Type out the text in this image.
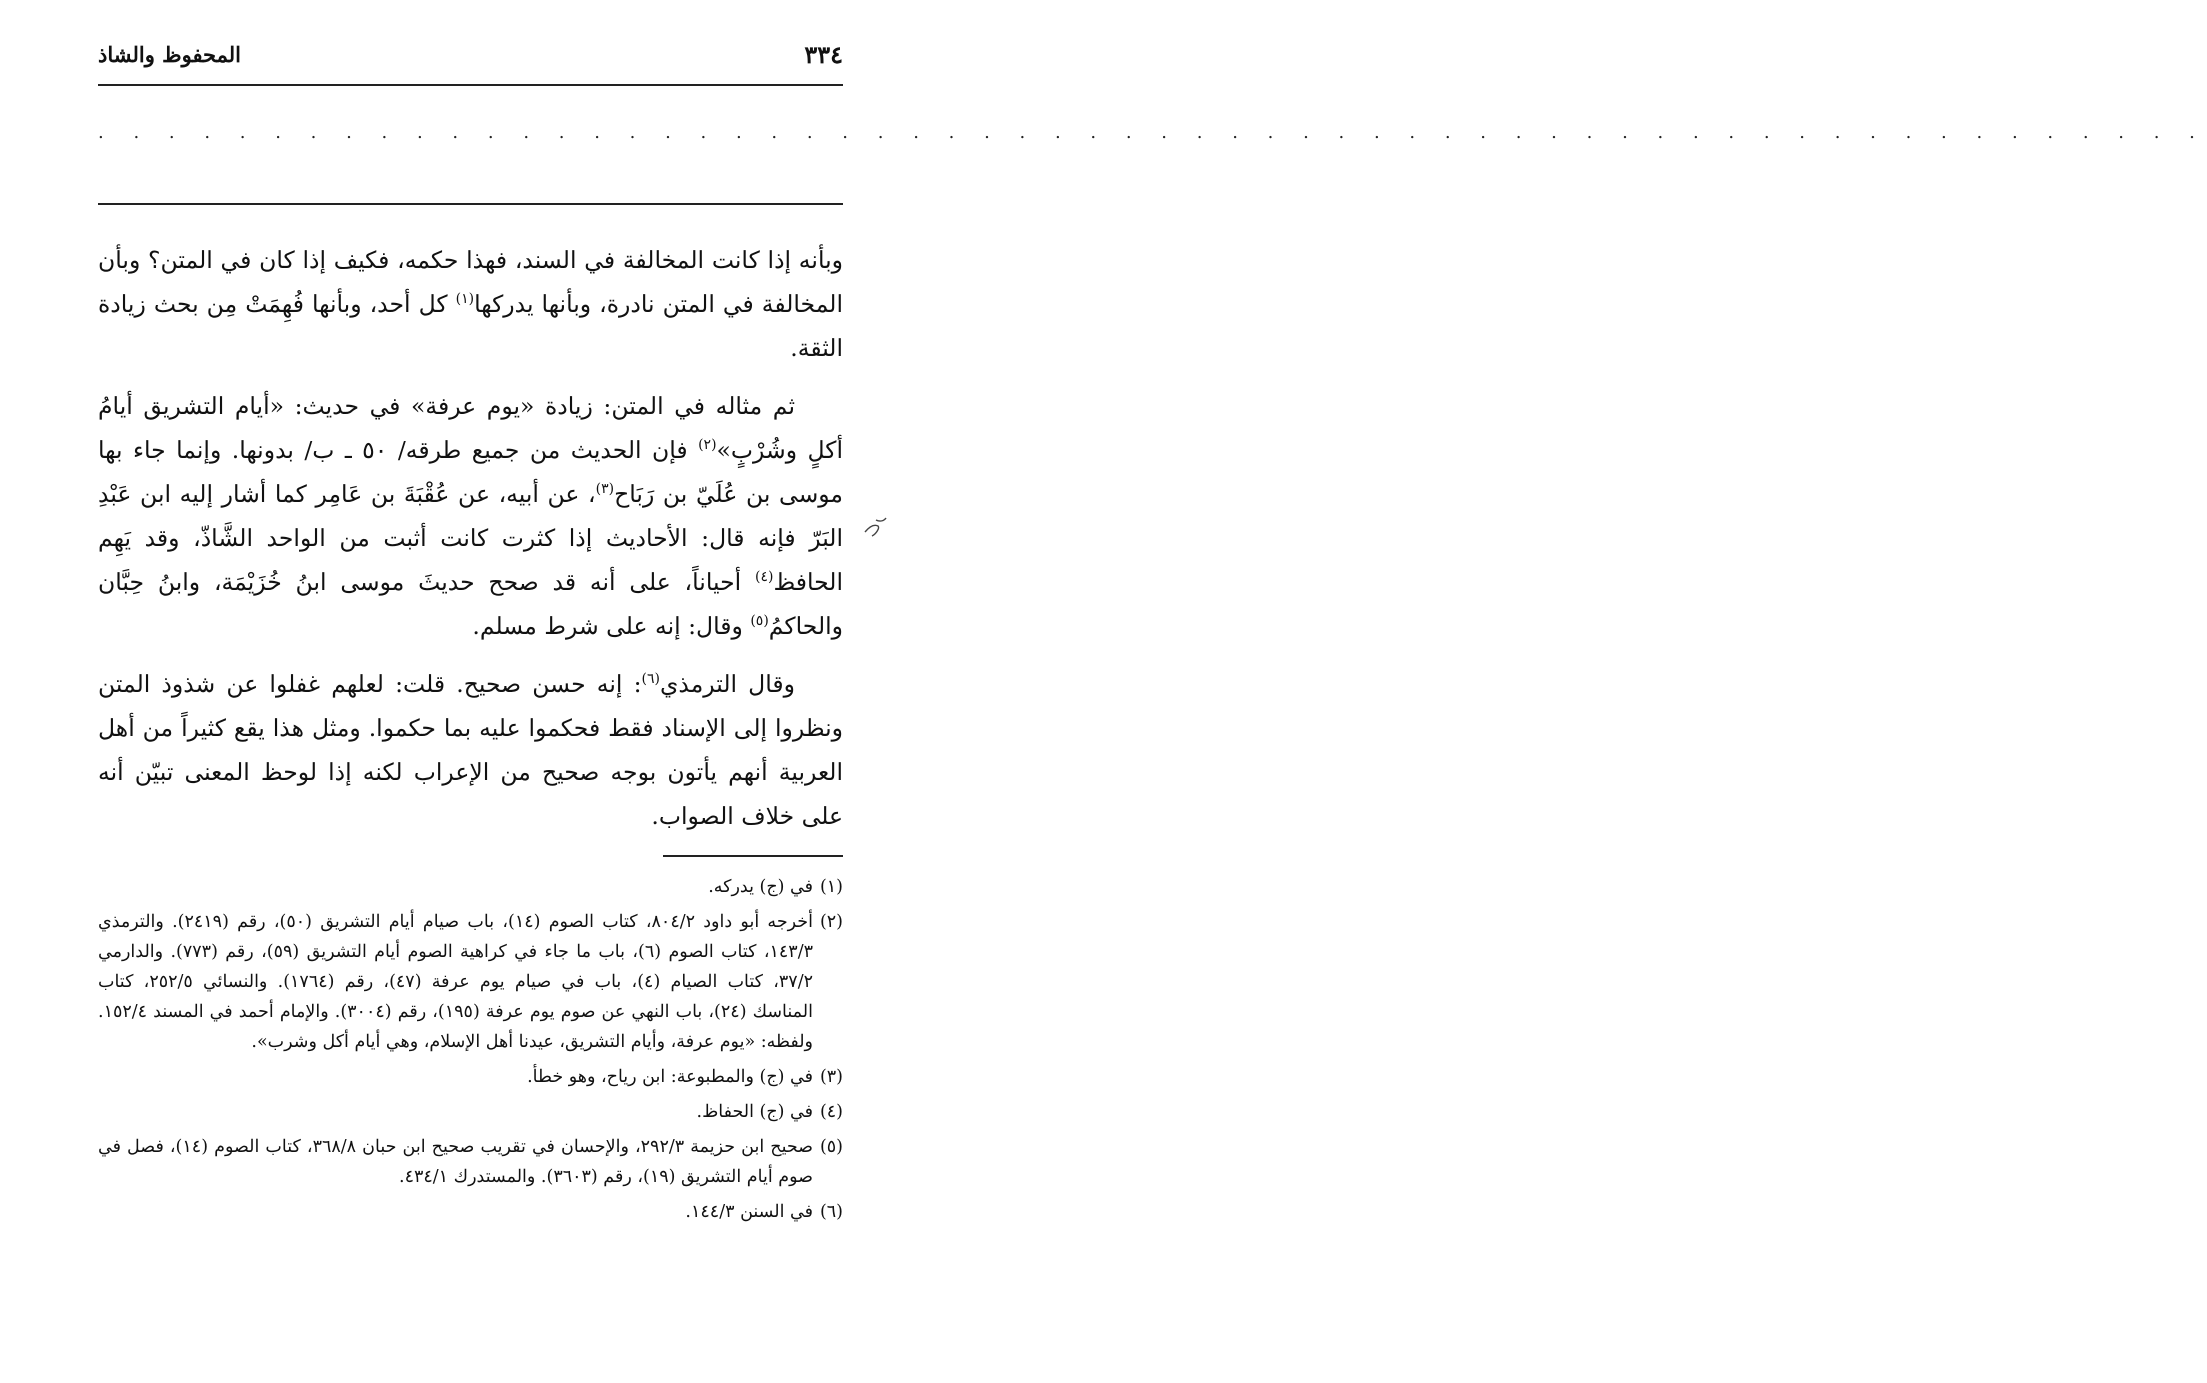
٣٣٤
المحفوظ والشاذ
. . . . . . . . . . . . . . . . . . . . . . . . . . . . . . . . . . . . . . . . . . . . . . . . . . . . . . . . . . . .

وبأنه إذا كانت المخالفة في السند، فهذا حكمه، فكيف إذا كان في المتن؟ وبأن المخالفة في المتن نادرة، وبأنها يدركها$^{(١)}$ كل أحد، وبأنها فُهِمَتْ مِن بحث زيادة الثقة.

ثم مثاله في المتن: زيادة «يوم عرفة» في حديث: «أيام التشريق أيامُ أكلٍ وشُرْبٍ»$^{(٢)}$ فإن الحديث من جميع طرقه/ ٥٠ ـ ب/ بدونها. وإنما جاء بها موسى بن عُلَيّ بن رَبَاح$^{(٣)}$، عن أبيه، عن عُقْبَةَ بن عَامِر كما أشار إليه ابن عَبْدِ البَرّ فإنه قال: الأحاديث إذا كثرت كانت أثبت من الواحد الشَّاذّ، وقد يَهِم الحافظ$^{(٤)}$ أحياناً، على أنه قد صحح حديثَ موسى ابنُ خُزَيْمَة، وابنُ حِبَّان والحاكمُ$^{(٥)}$ وقال: إنه على شرط مسلم.

وقال الترمذي$^{(٦)}$: إنه حسن صحيح. قلت: لعلهم غفلوا عن شذوذ المتن ونظروا إلى الإسناد فقط فحكموا عليه بما حكموا. ومثل هذا يقع كثيراً من أهل العربية أنهم يأتون بوجه صحيح من الإعراب لكنه إذا لوحظ المعنى تبيّن أنه على خلاف الصواب.

(١)
في (ج) يدركه.
(٢)
أخرجه أبو داود ٨٠٤/٢، كتاب الصوم (١٤)، باب صيام أيام التشريق (٥٠)، رقم (٢٤١٩). والترمذي ١٤٣/٣، كتاب الصوم (٦)، باب ما جاء في كراهية الصوم أيام التشريق (٥٩)، رقم (٧٧٣). والدارمي ٣٧/٢، كتاب الصيام (٤)، باب في صيام يوم عرفة (٤٧)، رقم (١٧٦٤). والنسائي ٢٥٢/٥، كتاب المناسك (٢٤)، باب النهي عن صوم يوم عرفة (١٩٥)، رقم (٣٠٠٤). والإمام أحمد في المسند ١٥٢/٤. ولفظه: «يوم عرفة، وأيام التشريق، عيدنا أهل الإسلام، وهي أيام أكل وشرب».
(٣)
في (ج) والمطبوعة: ابن رياح، وهو خطأ.
(٤)
في (ج) الحفاظ.
(٥)
صحيح ابن حزيمة ٢٩٢/٣، والإحسان في تقريب صحيح ابن حبان ٣٦٨/٨، كتاب الصوم (١٤)، فصل في صوم أيام التشريق (١٩)، رقم (٣٦٠٣). والمستدرك ٤٣٤/١.
(٦)
في السنن ١٤٤/٣.
